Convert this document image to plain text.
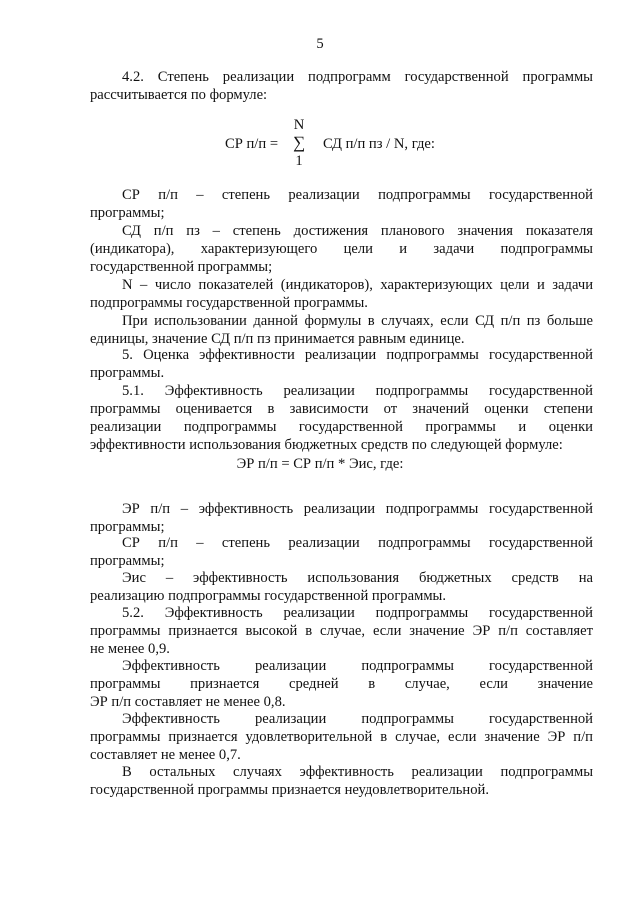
5

4.2. Степень реализации подпрограмм государственной программы

рассчитывается по формуле:

СР п/п =
N
∑
1
СД п/п пз / N, где:

СР п/п – степень реализации подпрограммы государственной

программы;

СД п/п пз – степень достижения планового значения показателя

(индикатора), характеризующего цели и задачи подпрограммы

государственной программы;

N – число показателей (индикаторов), характеризующих цели и задачи

подпрограммы государственной программы.

При использовании данной формулы в случаях, если СД п/п пз больше

единицы, значение СД п/п пз принимается равным единице.

5. Оценка эффективности реализации подпрограммы государственной

программы.

5.1. Эффективность реализации подпрограммы государственной

программы оценивается в зависимости от значений оценки степени

реализации подпрограммы государственной программы и оценки

эффективности использования бюджетных средств по следующей формуле:

ЭР п/п = СР п/п * Эис, где:

ЭР п/п – эффективность реализации подпрограммы государственной

программы;

СР п/п – степень реализации подпрограммы государственной

программы;

Эис – эффективность использования бюджетных средств на

реализацию подпрограммы государственной программы.

5.2. Эффективность реализации подпрограммы государственной

программы признается высокой в случае, если значение ЭР п/п составляет

не менее 0,9.

Эффективность реализации подпрограммы государственной

программы признается средней в случае, если значение

ЭР п/п составляет не менее 0,8.

Эффективность реализации подпрограммы государственной

программы признается удовлетворительной в случае, если значение ЭР п/п

составляет не менее 0,7.

В остальных случаях эффективность реализации подпрограммы

государственной программы признается неудовлетворительной.
